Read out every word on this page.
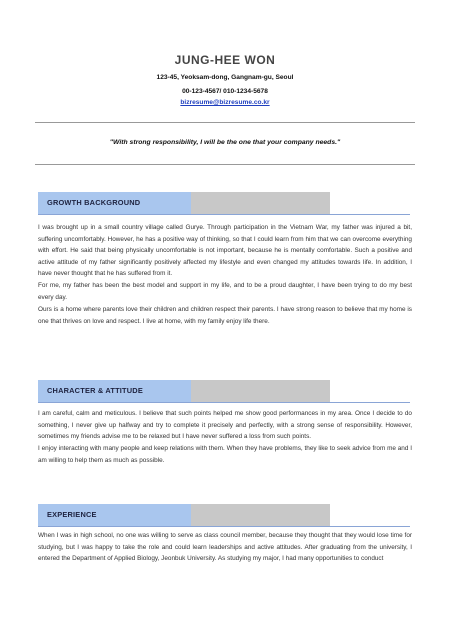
JUNG-HEE WON
123-45, Yeoksam-dong, Gangnam-gu, Seoul
00-123-4567/ 010-1234-5678
bizresume@bizresume.co.kr
"With strong responsibility, I will be the one that your company needs."
GROWTH BACKGROUND

I was brought up in a small country village called Gurye. Through participation in the Vietnam War, my father was injured a bit, suffering uncomfortably. However, he has a positive way of thinking, so that I could learn from him that we can overcome everything with effort. He said that being physically uncomfortable is not important, because he is mentally comfortable. Such a positive and active attitude of my father significantly positively affected my lifestyle and even changed my attitudes towards life. In addition, I have never thought that he has suffered from it.

For me, my father has been the best model and support in my life, and to be a proud daughter, I have been trying to do my best every day.

Ours is a home where parents love their children and children respect their parents. I have strong reason to believe that my home is one that thrives on love and respect. I live at home, with my family enjoy life there.

CHARACTER & ATTITUDE

I am careful, calm and meticulous. I believe that such points helped me show good performances in my area. Once I decide to do something, I never give up halfway and try to complete it precisely and perfectly, with a strong sense of responsibility. However, sometimes my friends advise me to be relaxed but I have never suffered a loss from such points.

I enjoy interacting with many people and keep relations with them. When they have problems, they like to seek advice from me and I am willing to help them as much as possible.

EXPERIENCE

When I was in high school, no one was willing to serve as class council member, because they thought that they would lose time for studying, but I was happy to take the role and could learn leaderships and active attitudes. After graduating from the university, I entered the Department of Applied Biology, Jeonbuk University. As studying my major, I had many opportunities to conduct
